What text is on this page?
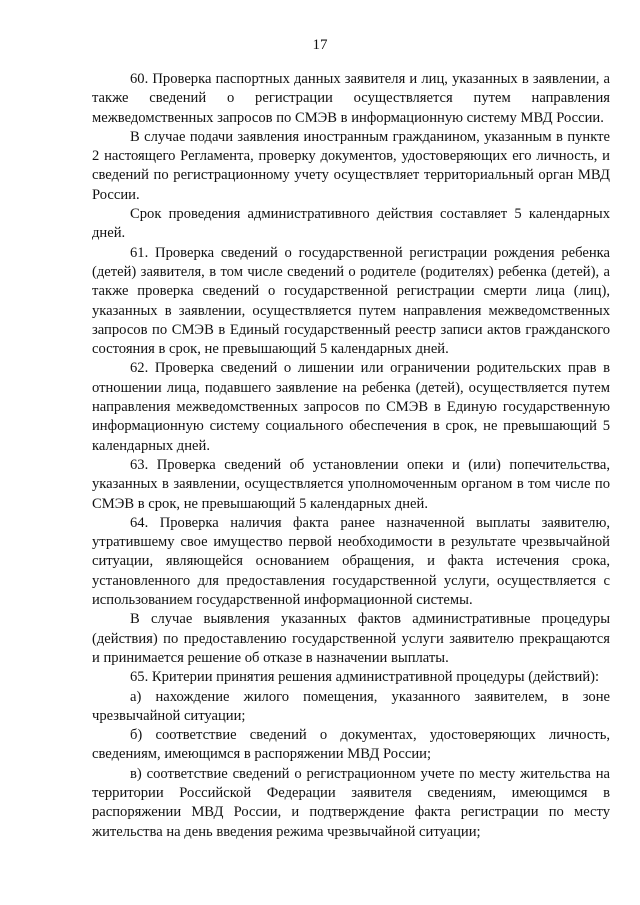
17

60. Проверка паспортных данных заявителя и лиц, указанных в заявлении, а также сведений о регистрации осуществляется путем направления межведомственных запросов по СМЭВ в информационную систему МВД России.

В случае подачи заявления иностранным гражданином, указанным в пункте 2 настоящего Регламента, проверку документов, удостоверяющих его личность, и сведений по регистрационному учету осуществляет территориальный орган МВД России.

Срок проведения административного действия составляет 5 календарных дней.

61. Проверка сведений о государственной регистрации рождения ребенка (детей) заявителя, в том числе сведений о родителе (родителях) ребенка (детей), а также проверка сведений о государственной регистрации смерти лица (лиц), указанных в заявлении, осуществляется путем направления межведомственных запросов по СМЭВ в Единый государственный реестр записи актов гражданского состояния в срок, не превышающий 5 календарных дней.

62. Проверка сведений о лишении или ограничении родительских прав в отношении лица, подавшего заявление на ребенка (детей), осуществляется путем направления межведомственных запросов по СМЭВ в Единую государственную информационную систему социального обеспечения в срок, не превышающий 5 календарных дней.

63. Проверка сведений об установлении опеки и (или) попечительства, указанных в заявлении, осуществляется уполномоченным органом в том числе по СМЭВ в срок, не превышающий 5 календарных дней.

64. Проверка наличия факта ранее назначенной выплаты заявителю, утратившему свое имущество первой необходимости в результате чрезвычайной ситуации, являющейся основанием обращения, и факта истечения срока, установленного для предоставления государственной услуги, осуществляется с использованием государственной информационной системы.

В случае выявления указанных фактов административные процедуры (действия) по предоставлению государственной услуги заявителю прекращаются и принимается решение об отказе в назначении выплаты.

65. Критерии принятия решения административной процедуры (действий):

а) нахождение жилого помещения, указанного заявителем, в зоне чрезвычайной ситуации;

б) соответствие сведений о документах, удостоверяющих личность, сведениям, имеющимся в распоряжении МВД России;

в) соответствие сведений о регистрационном учете по месту жительства на территории Российской Федерации заявителя сведениям, имеющимся в распоряжении МВД России, и подтверждение факта регистрации по месту жительства на день введения режима чрезвычайной ситуации;
